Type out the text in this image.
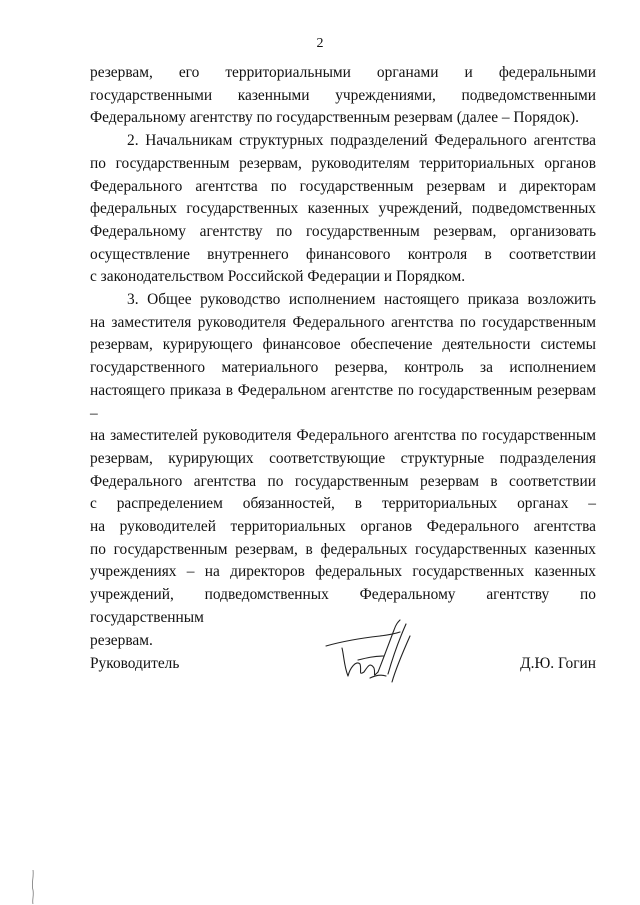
2
резервам, его территориальными органами и федеральными
государственными казенными учреждениями, подведомственными
Федеральному агентству по государственным резервам (далее – Порядок).
2. Начальникам структурных подразделений Федерального агентства
по государственным резервам, руководителям территориальных органов
Федерального агентства по государственным резервам и директорам
федеральных государственных казенных учреждений, подведомственных
Федеральному агентству по государственным резервам, организовать
осуществление внутреннего финансового контроля в соответствии
с законодательством Российской Федерации и Порядком.
3. Общее руководство исполнением настоящего приказа возложить
на заместителя руководителя Федерального агентства по государственным
резервам, курирующего финансовое обеспечение деятельности системы
государственного материального резерва, контроль за исполнением
настоящего приказа в Федеральном агентстве по государственным резервам –
на заместителей руководителя Федерального агентства по государственным
резервам, курирующих соответствующие структурные подразделения
Федерального агентства по государственным резервам в соответствии
с распределением обязанностей, в территориальных органах –
на руководителей территориальных органов Федерального агентства
по государственным резервам, в федеральных государственных казенных
учреждениях – на директоров федеральных государственных казенных
учреждений, подведомственных Федеральному агентству по государственным
резервам.
Руководитель	Д.Ю. Гогин
